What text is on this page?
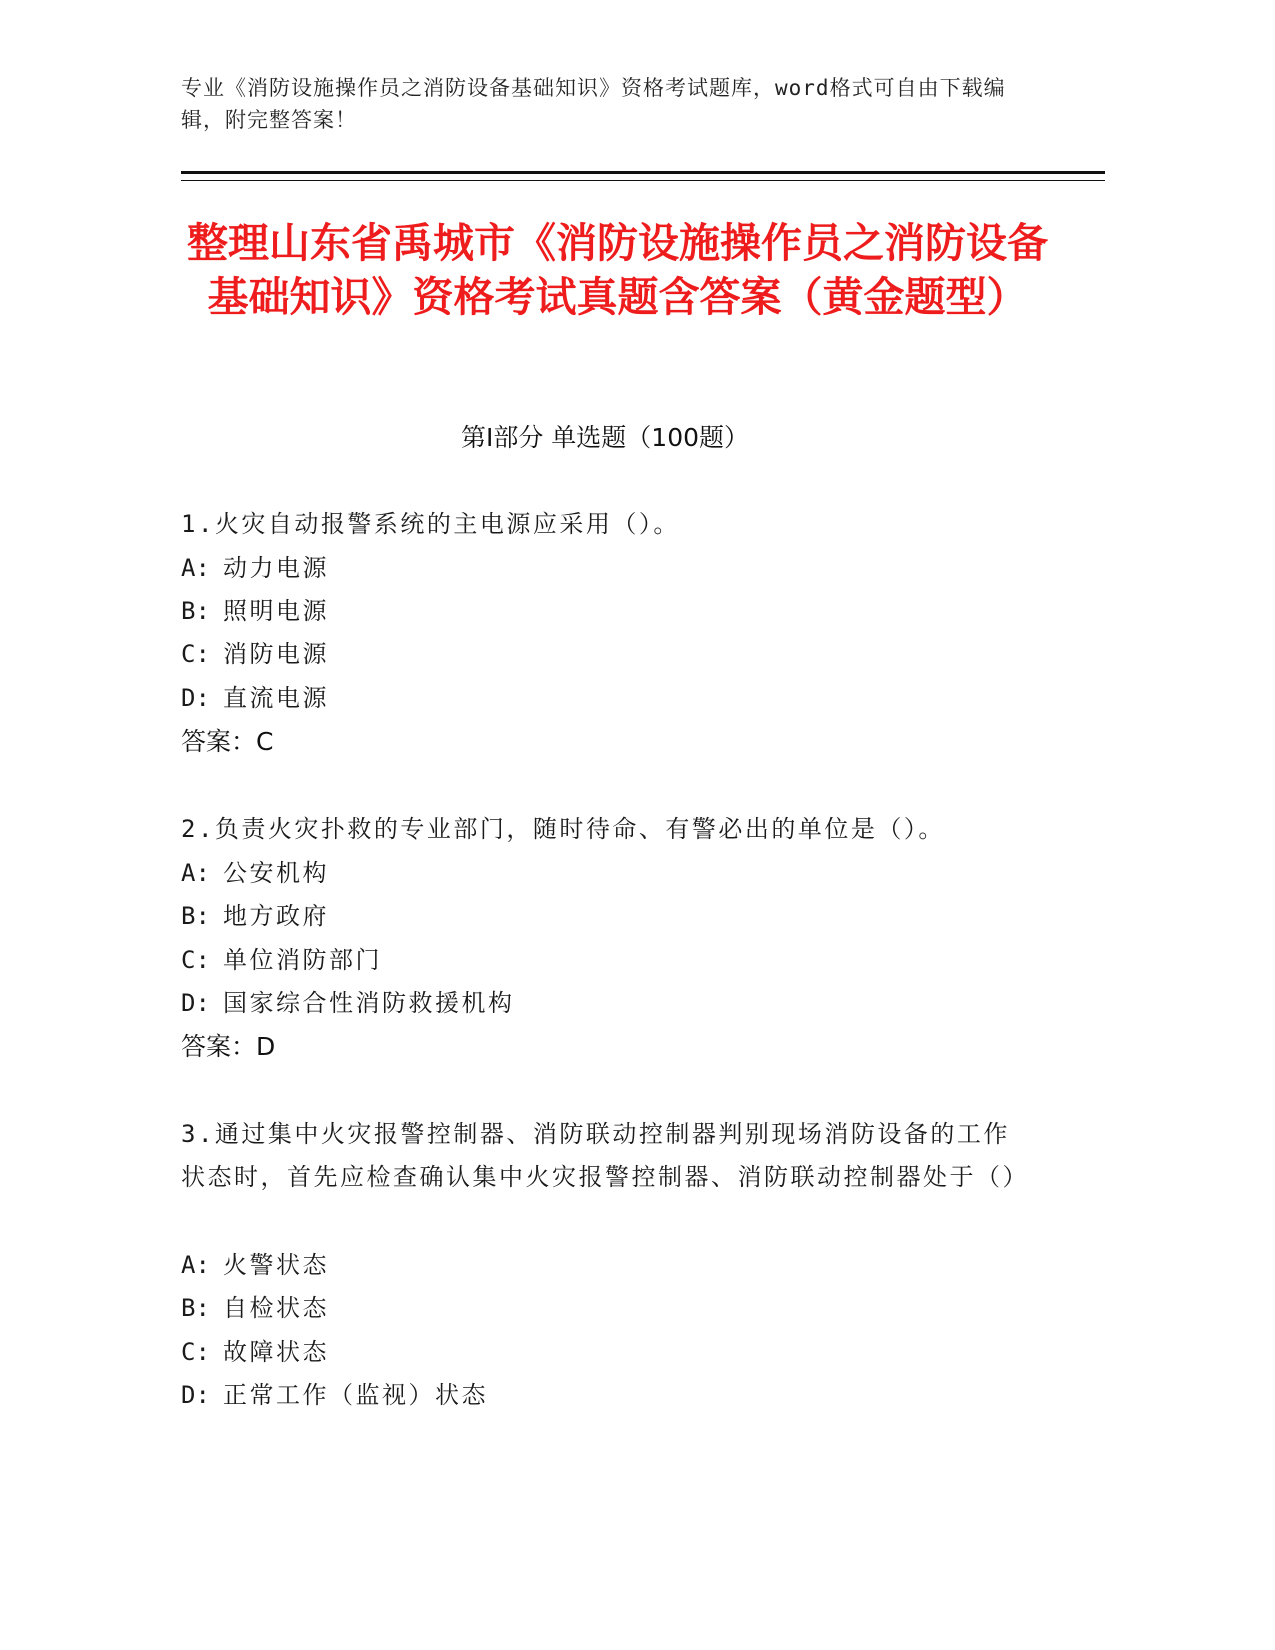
专业《消防设施操作员之消防设备基础知识》资格考试题库，word格式可自由下载编辑，附完整答案！
整理山东省禹城市《消防设施操作员之消防设备基础知识》资格考试真题含答案（黄金题型）
第Ⅰ部分 单选题（100题）
1.火灾自动报警系统的主电源应采用（）。
A: 动力电源
B: 照明电源
C: 消防电源
D: 直流电源
答案：C
2.负责火灾扑救的专业部门，随时待命、有警必出的单位是（）。
A: 公安机构
B: 地方政府
C: 单位消防部门
D: 国家综合性消防救援机构
答案：D
3.通过集中火灾报警控制器、消防联动控制器判别现场消防设备的工作状态时，首先应检查确认集中火灾报警控制器、消防联动控制器处于（）
A: 火警状态
B: 自检状态
C: 故障状态
D: 正常工作（监视）状态
